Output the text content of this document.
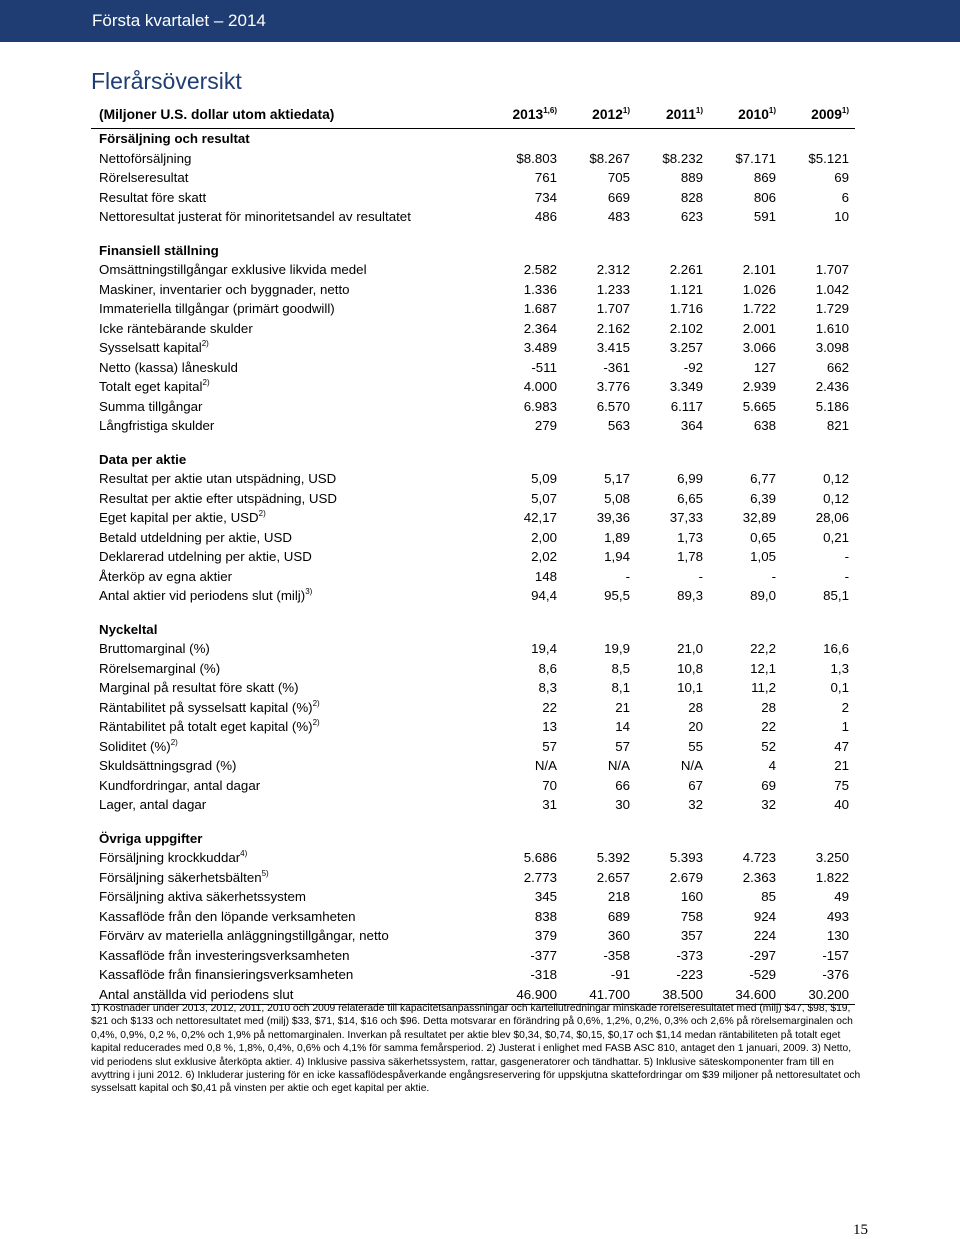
Första kvartalet – 2014
Flerårsöversikt
(Miljoner U.S. dollar utom aktiedata)	2013$^{1,6)}$	2012$^{1)}$	2011$^{1)}$	2010$^{1)}$	2009$^{1)}$
Försäljning och resultat					
Nettoförsäljning	$8.803	$8.267	$8.232	$7.171	$5.121
Rörelseresultat	761	705	889	869	69
Resultat före skatt	734	669	828	806	6
Nettoresultat justerat för minoritetsandel av resultatet	486	483	623	591	10

Finansiell ställning					
Omsättningstillgångar exklusive likvida medel	2.582	2.312	2.261	2.101	1.707
Maskiner, inventarier och byggnader, netto	1.336	1.233	1.121	1.026	1.042
Immateriella tillgångar (primärt goodwill)	1.687	1.707	1.716	1.722	1.729
Icke räntebärande skulder	2.364	2.162	2.102	2.001	1.610
Sysselsatt kapital$^{2)}$	3.489	3.415	3.257	3.066	3.098
Netto (kassa) låneskuld	-511	-361	-92	127	662
Totalt eget kapital$^{2)}$	4.000	3.776	3.349	2.939	2.436
Summa tillgångar	6.983	6.570	6.117	5.665	5.186
Långfristiga skulder	279	563	364	638	821

Data per aktie					
Resultat per aktie utan utspädning, USD	5,09	5,17	6,99	6,77	0,12
Resultat per aktie efter utspädning, USD	5,07	5,08	6,65	6,39	0,12
Eget kapital per aktie, USD$^{2)}$	42,17	39,36	37,33	32,89	28,06
Betald utdeldning per aktie, USD	2,00	1,89	1,73	0,65	0,21
Deklarerad utdelning per aktie, USD	2,02	1,94	1,78	1,05	-
Återköp av egna aktier	148	-	-	-	-
Antal aktier vid periodens slut (milj)$^{3)}$	94,4	95,5	89,3	89,0	85,1

Nyckeltal					
Bruttomarginal (%)	19,4	19,9	21,0	22,2	16,6
Rörelsemarginal (%)	8,6	8,5	10,8	12,1	1,3
Marginal på resultat före skatt (%)	8,3	8,1	10,1	11,2	0,1
Räntabilitet på sysselsatt kapital (%)$^{2)}$	22	21	28	28	2
Räntabilitet på totalt eget kapital (%)$^{2)}$	13	14	20	22	1
Soliditet (%)$^{2)}$	57	57	55	52	47
Skuldsättningsgrad (%)	N/A	N/A	N/A	4	21
Kundfordringar, antal dagar	70	66	67	69	75
Lager, antal dagar	31	30	32	32	40

Övriga uppgifter					
Försäljning krockkuddar$^{4)}$	5.686	5.392	5.393	4.723	3.250
Försäljning säkerhetsbälten$^{5)}$	2.773	2.657	2.679	2.363	1.822
Försäljning aktiva säkerhetssystem	345	218	160	85	49
Kassaflöde från den löpande verksamheten	838	689	758	924	493
Förvärv av materiella anläggningstillgångar, netto	379	360	357	224	130
Kassaflöde från investeringsverksamheten	-377	-358	-373	-297	-157
Kassaflöde från finansieringsverksamheten	-318	-91	-223	-529	-376
Antal anställda vid periodens slut	46.900	41.700	38.500	34.600	30.200
1) Kostnader under 2013, 2012, 2011, 2010 och 2009 relaterade till kapacitetsanpassningar och kartellutredningar minskade rörelseresultatet med (milj) $47, $98, $19, $21 och $133 och nettoresultatet med (milj) $33, $71, $14, $16 och $96. Detta motsvarar en förändring på 0,6%, 1,2%, 0,2%, 0,3% och 2,6% på rörelsemarginalen och 0,4%, 0,9%, 0,2 %, 0,2% och 1,9% på nettomarginalen. Inverkan på resultatet per aktie blev $0,34, $0,74, $0,15, $0,17 och $1,14 medan räntabiliteten på totalt eget kapital reducerades med 0,8 %, 1,8%, 0,4%, 0,6% och 4,1% för samma femårsperiod. 2) Justerat i enlighet med FASB ASC 810, antaget den 1 januari, 2009. 3) Netto, vid periodens slut exklusive återköpta aktier. 4) Inklusive passiva säkerhetssystem, rattar, gasgeneratorer och tändhattar. 5) Inklusive säteskomponenter fram till en avyttring i juni 2012. 6) Inkluderar justering för en icke kassaflödespåverkande engångsreservering för uppskjutna skattefordringar om $39 miljoner på nettoresultatet och sysselsatt kapital och $0,41 på vinsten per aktie och eget kapital per aktie.
15
